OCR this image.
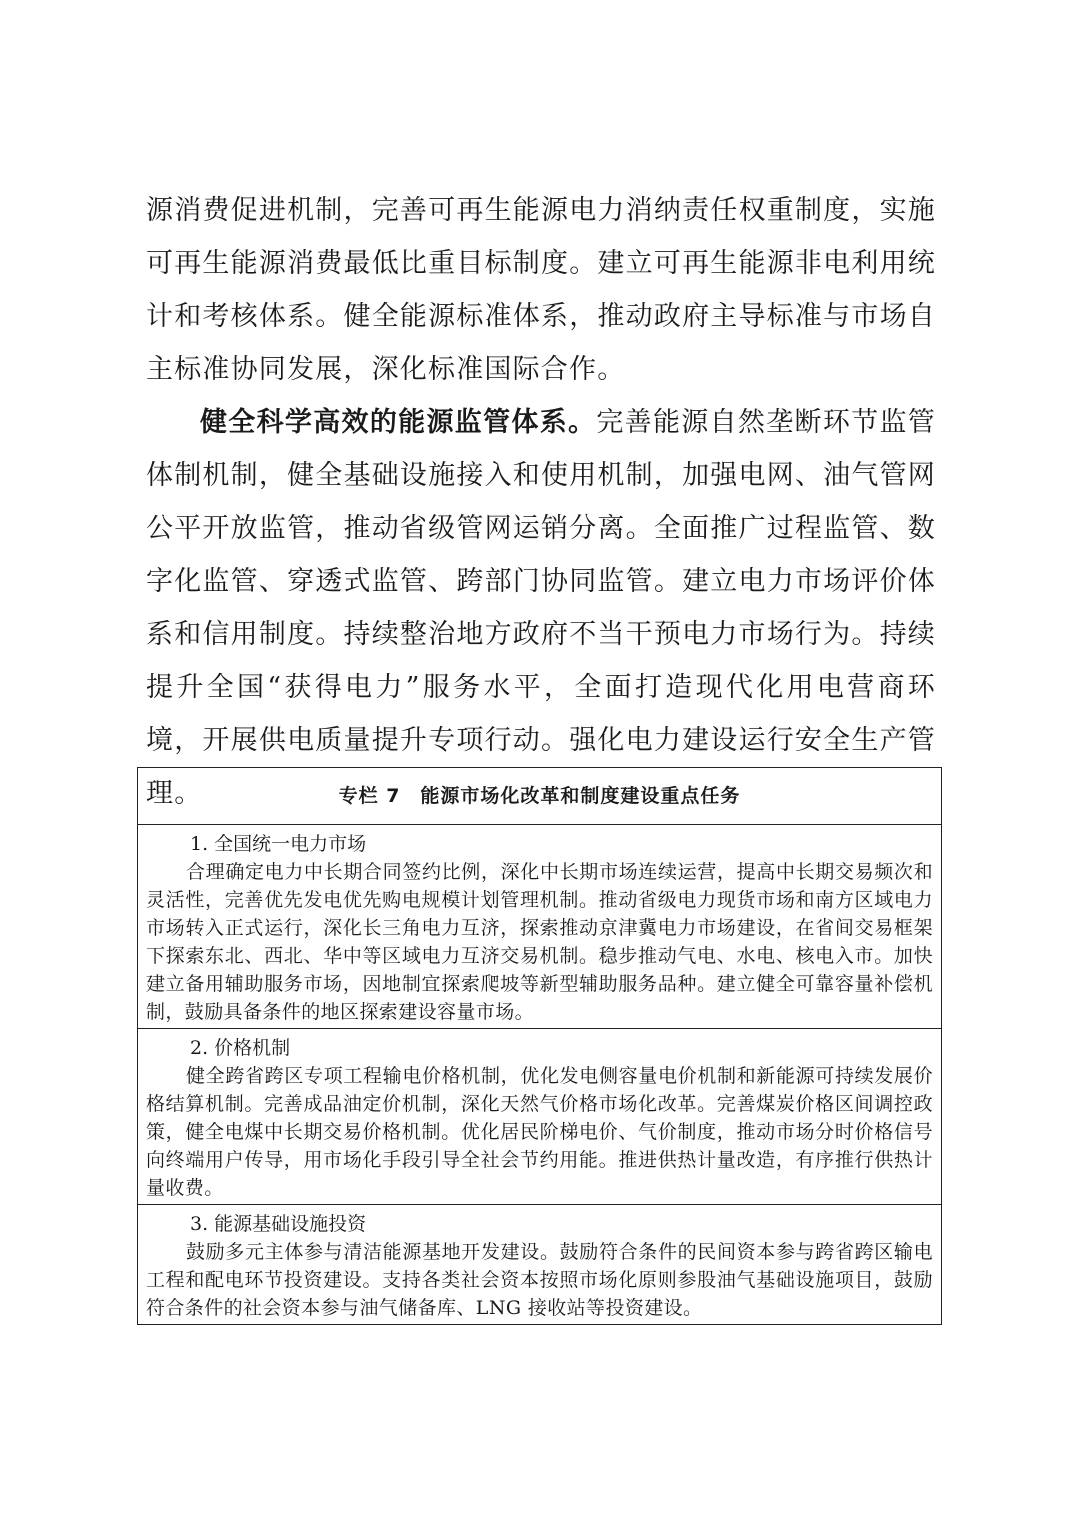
源消费促进机制，完善可再生能源电力消纳责任权重制度，实施可再生能源消费最低比重目标制度。建立可再生能源非电利用统计和考核体系。健全能源标准体系，推动政府主导标准与市场自主标准协同发展，深化标准国际合作。

健全科学高效的能源监管体系。完善能源自然垄断环节监管体制机制，健全基础设施接入和使用机制，加强电网、油气管网公平开放监管，推动省级管网运销分离。全面推广过程监管、数字化监管、穿透式监管、跨部门协同监管。建立电力市场评价体系和信用制度。持续整治地方政府不当干预电力市场行为。持续提升全国“获得电力”服务水平，全面打造现代化用电营商环境，开展供电质量提升专项行动。强化电力建设运行安全生产管理。	专栏 7　能源市场化改革和制度建设重点任务

1. 全国统一电力市场

合理确定电力中长期合同签约比例，深化中长期市场连续运营，提高中长期交易频次和灵活性，完善优先发电优先购电规模计划管理机制。推动省级电力现货市场和南方区域电力市场转入正式运行，深化长三角电力互济，探索推动京津冀电力市场建设，在省间交易框架下探索东北、西北、华中等区域电力互济交易机制。稳步推动气电、水电、核电入市。加快建立备用辅助服务市场，因地制宜探索爬坡等新型辅助服务品种。建立健全可靠容量补偿机制，鼓励具备条件的地区探索建设容量市场。

2. 价格机制

健全跨省跨区专项工程输电价格机制，优化发电侧容量电价机制和新能源可持续发展价格结算机制。完善成品油定价机制，深化天然气价格市场化改革。完善煤炭价格区间调控政策，健全电煤中长期交易价格机制。优化居民阶梯电价、气价制度，推动市场分时价格信号向终端用户传导，用市场化手段引导全社会节约用能。推进供热计量改造，有序推行供热计量收费。

3. 能源基础设施投资

鼓励多元主体参与清洁能源基地开发建设。鼓励符合条件的民间资本参与跨省跨区输电工程和配电环节投资建设。支持各类社会资本按照市场化原则参股油气基础设施项目，鼓励符合条件的社会资本参与油气储备库、LNG 接收站等投资建设。
